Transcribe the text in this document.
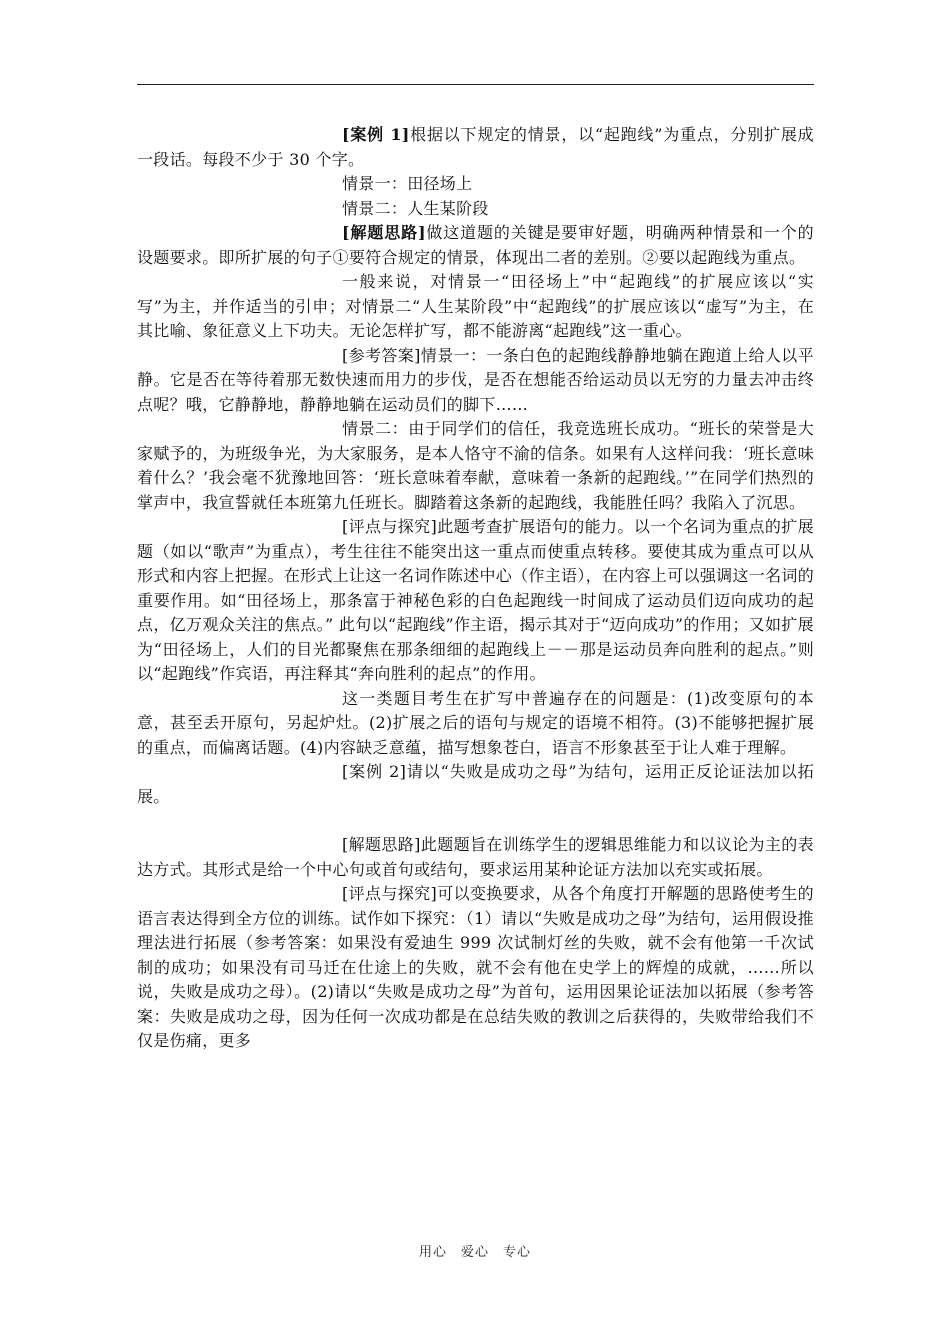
[案例 1]根据以下规定的情景，以“起跑线”为重点，分别扩展成一段话。每段不少于 30 个字。

情景一：田径场上

情景二：人生某阶段

[解题思路]做这道题的关键是要审好题，明确两种情景和一个的设题要求。即所扩展的句子①要符合规定的情景，体现出二者的差别。②要以起跑线为重点。

一般来说，对情景一“田径场上”中“起跑线”的扩展应该以“实写”为主，并作适当的引申；对情景二“人生某阶段”中“起跑线”的扩展应该以“虚写”为主，在其比喻、象征意义上下功夫。无论怎样扩写，都不能游离“起跑线”这一重心。

[参考答案]情景一：一条白色的起跑线静静地躺在跑道上给人以平静。它是否在等待着那无数快速而用力的步伐，是否在想能否给运动员以无穷的力量去冲击终点呢？哦，它静静地，静静地躺在运动员们的脚下……

情景二：由于同学们的信任，我竞选班长成功。“班长的荣誉是大家赋予的，为班级争光，为大家服务，是本人恪守不渝的信条。如果有人这样问我：‘班长意味着什么？’我会毫不犹豫地回答：‘班长意味着奉献，意味着一条新的起跑线。’”在同学们热烈的掌声中，我宣誓就任本班第九任班长。脚踏着这条新的起跑线，我能胜任吗？我陷入了沉思。

[评点与探究]此题考查扩展语句的能力。以一个名词为重点的扩展题（如以“歌声”为重点），考生往往不能突出这一重点而使重点转移。要使其成为重点可以从形式和内容上把握。在形式上让这一名词作陈述中心（作主语），在内容上可以强调这一名词的重要作用。如“田径场上，那条富于神秘色彩的白色起跑线一时间成了运动员们迈向成功的起点，亿万观众关注的焦点。” 此句以“起跑线”作主语，揭示其对于“迈向成功”的作用；又如扩展为“田径场上，人们的目光都聚焦在那条细细的起跑线上－－那是运动员奔向胜利的起点。”则以“起跑线”作宾语，再注释其“奔向胜利的起点”的作用。

这一类题目考生在扩写中普遍存在的问题是：(1)改变原句的本意，甚至丢开原句，另起炉灶。(2)扩展之后的语句与规定的语境不相符。(3)不能够把握扩展的重点，而偏离话题。(4)内容缺乏意蕴，描写想象苍白，语言不形象甚至于让人难于理解。

[案例 2]请以“失败是成功之母”为结句，运用正反论证法加以拓展。

[解题思路]此题题旨在训练学生的逻辑思维能力和以议论为主的表达方式。其形式是给一个中心句或首句或结句，要求运用某种论证方法加以充实或拓展。

[评点与探究]可以变换要求，从各个角度打开解题的思路使考生的语言表达得到全方位的训练。试作如下探究：（1）请以“失败是成功之母”为结句，运用假设推理法进行拓展（参考答案：如果没有爱迪生 999 次试制灯丝的失败，就不会有他第一千次试制的成功；如果没有司马迁在仕途上的失败，就不会有他在史学上的辉煌的成就，……所以说，失败是成功之母）。(2)请以“失败是成功之母”为首句，运用因果论证法加以拓展（参考答案：失败是成功之母，因为任何一次成功都是在总结失败的教训之后获得的，失败带给我们不仅是伤痛，更多

用心　爱心　专心
